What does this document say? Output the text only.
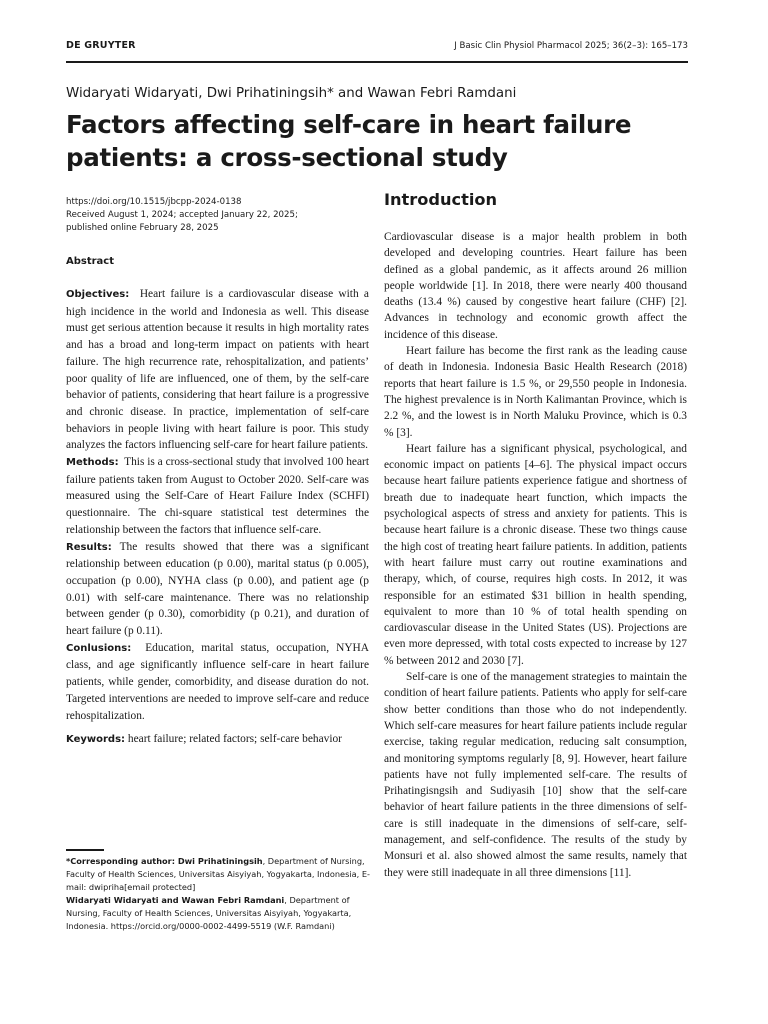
DE GRUYTER	J Basic Clin Physiol Pharmacol 2025; 36(2–3): 165–173
Widaryati Widaryati, Dwi Prihatiningsih* and Wawan Febri Ramdani
Factors affecting self-care in heart failure patients: a cross-sectional study
https://doi.org/10.1515/jbcpp-2024-0138
Received August 1, 2024; accepted January 22, 2025;
published online February 28, 2025
Abstract

Objectives: Heart failure is a cardiovascular disease with a high incidence in the world and Indonesia as well. This disease must get serious attention because it results in high mortality rates and has a broad and long-term impact on patients with heart failure. The high recurrence rate, rehospitalization, and patients’ poor quality of life are influenced, one of them, by the self-care behavior of patients, considering that heart failure is a progressive and chronic disease. In practice, implementation of self-care behaviors in people living with heart failure is poor. This study analyzes the factors influencing self-care for heart failure patients.

Methods: This is a cross-sectional study that involved 100 heart failure patients taken from August to October 2020. Self-care was measured using the Self-Care of Heart Failure Index (SCHFI) questionnaire. The chi-square statistical test determines the relationship between the factors that influence self-care.

Results: The results showed that there was a significant relationship between education (p 0.00), marital status (p 0.005), occupation (p 0.00), NYHA class (p 0.00), and patient age (p 0.01) with self-care maintenance. There was no relationship between gender (p 0.30), comorbidity (p 0.21), and duration of heart failure (p 0.11).

Conlusions: Education, marital status, occupation, NYHA class, and age significantly influence self-care in heart failure patients, while gender, comorbidity, and disease duration do not. Targeted interventions are needed to improve self-care and reduce rehospitalization.

Keywords: heart failure; related factors; self-care behavior

*Corresponding author: Dwi Prihatiningsih, Department of Nursing, Faculty of Health Sciences, Universitas Aisyiyah, Yogyakarta, Indonesia, E-mail: dwipriha[email protected]

Widaryati Widaryati and Wawan Febri Ramdani, Department of Nursing, Faculty of Health Sciences, Universitas Aisyiyah, Yogyakarta, Indonesia. https://orcid.org/0000-0002-4499-5519 (W.F. Ramdani)

Introduction

Cardiovascular disease is a major health problem in both developed and developing countries. Heart failure has been defined as a global pandemic, as it affects around 26 million people worldwide [1]. In 2018, there were nearly 400 thousand deaths (13.4 %) caused by congestive heart failure (CHF) [2]. Advances in technology and economic growth affect the incidence of this disease.

Heart failure has become the first rank as the leading cause of death in Indonesia. Indonesia Basic Health Research (2018) reports that heart failure is 1.5 %, or 29,550 people in Indonesia. The highest prevalence is in North Kalimantan Province, which is 2.2 %, and the lowest is in North Maluku Province, which is 0.3 % [3].

Heart failure has a significant physical, psychological, and economic impact on patients [4–6]. The physical impact occurs because heart failure patients experience fatigue and shortness of breath due to inadequate heart function, which impacts the psychological aspects of stress and anxiety for patients. This is because heart failure is a chronic disease. These two things cause the high cost of treating heart failure patients. In addition, patients with heart failure must carry out routine examinations and therapy, which, of course, requires high costs. In 2012, it was responsible for an estimated $31 billion in health spending, equivalent to more than 10 % of total health spending on cardiovascular disease in the United States (US). Projections are even more depressed, with total costs expected to increase by 127 % between 2012 and 2030 [7].

Self-care is one of the management strategies to maintain the condition of heart failure patients. Patients who apply for self-care show better conditions than those who do not independently. Which self-care measures for heart failure patients include regular exercise, taking regular medication, reducing salt consumption, and monitoring symptoms regularly [8, 9]. However, heart failure patients have not fully implemented self-care. The results of Prihatingisngsih and Sudiyasih [10] show that the self-care behavior of heart failure patients in the three dimensions of self-care is still inadequate in the dimensions of self-care, self-management, and self-confidence. The results of the study by Monsuri et al. also showed almost the same results, namely that they were still inadequate in all three dimensions [11].
